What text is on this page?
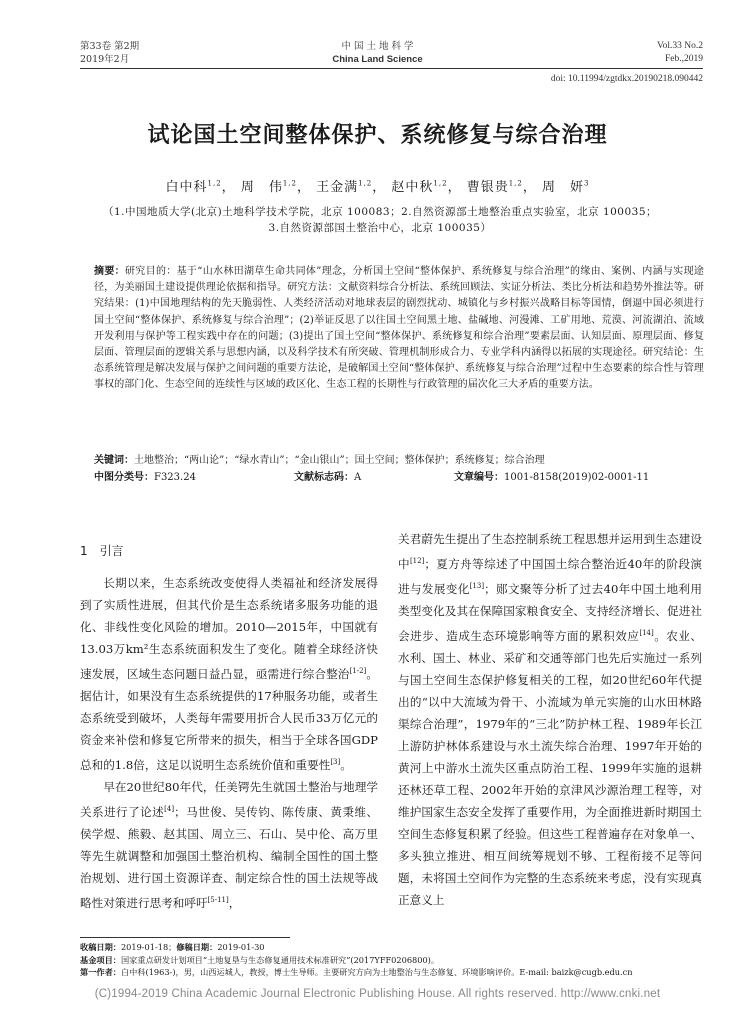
第33卷 第2期
2019年2月
中 国 土 地 科 学
China Land Science
Vol.33 No.2
Feb.,2019
doi: 10.11994/zgtdkx.20190218.090442
试论国土空间整体保护、系统修复与综合治理
白中科$^{1,2}$， 周　伟$^{1,2}$， 王金满$^{1,2}$， 赵中秋$^{1,2}$， 曹银贵$^{1,2}$， 周　妍$^3$
（1.中国地质大学(北京)土地科学技术学院，北京 100083；2.自然资源部土地整治重点实验室，北京 100035；3.自然资源部国土整治中心，北京 100035）
摘要：研究目的：基于“山水林田湖草生命共同体”理念，分析国土空间“整体保护、系统修复与综合治理”的缘由、案例、内涵与实现途径，为美丽国土建设提供理论依据和指导。研究方法：文献资料综合分析法、系统回顾法、实证分析法、类比分析法和趋势外推法等。研究结果：(1)中国地理结构的先天脆弱性、人类经济活动对地球表层的剧烈扰动、城镇化与乡村振兴战略目标等国情，倒逼中国必须进行国土空间“整体保护、系统修复与综合治理”；(2)举证反思了以往国土空间黑土地、盐碱地、河漫滩、工矿用地、荒漠、河流湖泊、流域开发利用与保护等工程实践中存在的问题；(3)提出了国土空间“整体保护、系统修复和综合治理”要素层面、认知层面、原理层面、修复层面、管理层面的逻辑关系与思想内涵，以及科学技术有所突破、管理机制形成合力、专业学科内涵得以拓展的实现途径。研究结论：生态系统管理是解决发展与保护之间问题的重要方法论，是破解国土空间“整体保护、系统修复与综合治理”过程中生态要素的综合性与管理事权的部门化、生态空间的连续性与区域的政区化、生态工程的长期性与行政管理的届次化三大矛盾的重要方法。
关键词：土地整治；“两山论”；“绿水青山”；“金山银山”；国土空间；整体保护；系统修复；综合治理
中图分类号：F323.24	文献标志码：A	文章编号：1001-8158(2019)02-0001-11
1　引言

长期以来，生态系统改变使得人类福祉和经济发展得到了实质性进展，但其代价是生态系统诸多服务功能的退化、非线性变化风险的增加。2010—2015年，中国就有13.03万km²生态系统面积发生了变化。随着全球经济快速发展，区域生态问题日益凸显，亟需进行综合整治[1-2]。据估计，如果没有生态系统提供的17种服务功能，或者生态系统受到破坏，人类每年需要用折合人民币33万亿元的资金来补偿和修复它所带来的损失，相当于全球各国GDP总和的1.8倍，这足以说明生态系统价值和重要性[3]。

早在20世纪80年代，任美锷先生就国土整治与地理学关系进行了论述[4]；马世俊、吴传钧、陈传康、黄秉维、侯学煜、熊毅、赵其国、周立三、石山、吴中伦、高万里等先生就调整和加强国土整治机构、编制全国性的国土整治规划、进行国土资源详查、制定综合性的国土法规等战略性对策进行思考和呼吁[5-11]，

关君蔚先生提出了生态控制系统工程思想并运用到生态建设中[12]；夏方舟等综述了中国国土综合整治近40年的阶段演进与发展变化[13]；郧文聚等分析了过去40年中国土地利用类型变化及其在保障国家粮食安全、支持经济增长、促进社会进步、造成生态环境影响等方面的累积效应[14]。农业、水利、国土、林业、采矿和交通等部门也先后实施过一系列与国土空间生态保护修复相关的工程，如20世纪60年代提出的“以中大流域为骨干、小流域为单元实施的山水田林路渠综合治理”，1979年的“三北”防护林工程、1989年长江上游防护林体系建设与水土流失综合治理、1997年开始的黄河上中游水土流失区重点防治工程、1999年实施的退耕还林还草工程、2002年开始的京津风沙源治理工程等，对维护国家生态安全发挥了重要作用，为全面推进新时期国土空间生态修复积累了经验。但这些工程普遍存在对象单一、多头独立推进、相互间统筹规划不够、工程衔接不足等问题，未将国土空间作为完整的生态系统来考虑，没有实现真正意义上

收稿日期：2019-01-18；修稿日期：2019-01-30
基金项目：国家重点研发计划项目“土地复垦与生态修复通用技术标准研究”(2017YFF0206800)。
第一作者：白中科(1963-)，男，山西运城人，教授，博士生导师。主要研究方向为土地整治与生态修复、环境影响评价。E-mail: baizk@cugb.edu.cn
(C)1994-2019 China Academic Journal Electronic Publishing House. All rights reserved. http://www.cnki.net
